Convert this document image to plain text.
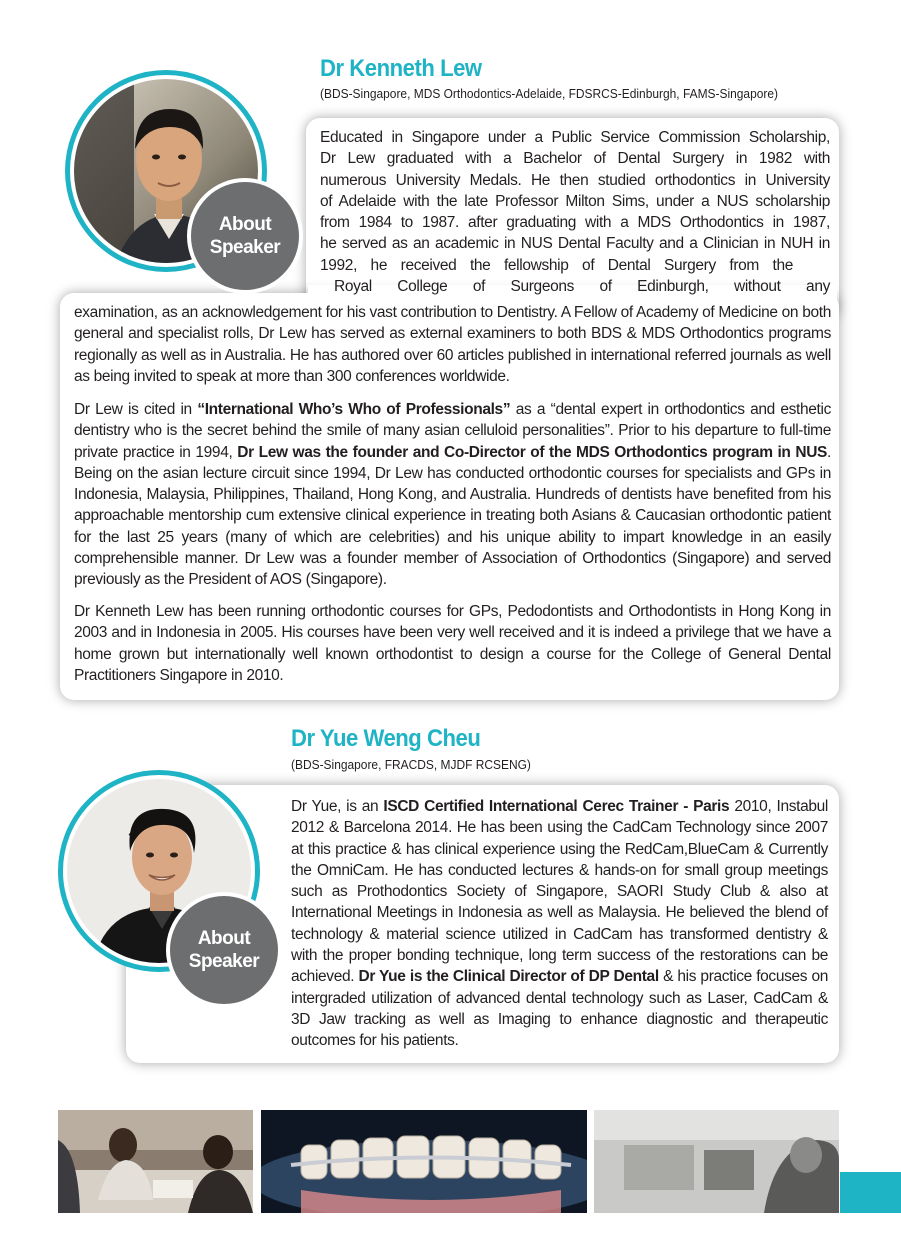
Dr Kenneth Lew

(BDS-Singapore, MDS Orthodontics-Adelaide, FDSRCS-Edinburgh, FAMS-Singapore)

About
Speaker
Educated in Singapore under a Public Service Commission Scholarship,
Dr Lew graduated with a Bachelor of Dental Surgery in 1982 with
numerous University Medals. He then studied orthodontics in University
of Adelaide with the late Professor Milton Sims, under a NUS scholarship
from 1984 to 1987. after graduating with a MDS Orthodontics in 1987,
he served as an academic in NUS Dental Faculty and a Clinician in NUH in
1992, he received the fellowship of Dental Surgery from the
Royal College of Surgeons of Edinburgh, without any

examination, as an acknowledgement for his vast contribution to Dentistry. A Fellow of Academy of Medicine on both general and specialist rolls, Dr Lew has served as external examiners to both BDS & MDS Orthodontics programs regionally as well as in Australia. He has authored over 60 articles published in international referred journals as well as being invited to speak at more than 300 conferences worldwide.

Dr Lew is cited in “International Who’s Who of Professionals” as a “dental expert in orthodontics and esthetic dentistry who is the secret behind the smile of many asian celluloid personalities”. Prior to his departure to full-time private practice in 1994, Dr Lew was the founder and Co-Director of the MDS Orthodontics program in NUS. Being on the asian lecture circuit since 1994, Dr Lew has conducted orthodontic courses for specialists and GPs in Indonesia, Malaysia, Philippines, Thailand, Hong Kong, and Australia. Hundreds of dentists have benefited from his approachable mentorship cum extensive clinical experience in treating both Asians & Caucasian orthodontic patient for the last 25 years (many of which are celebrities) and his unique ability to impart knowledge in an easily comprehensible manner. Dr Lew was a founder member of Association of Orthodontics (Singapore) and served previously as the President of AOS (Singapore).

Dr Kenneth Lew has been running orthodontic courses for GPs, Pedodontists and Orthodontists in Hong Kong in 2003 and in Indonesia in 2005. His courses have been very well received and it is indeed a privilege that we have a home grown but internationally well known orthodontist to design a course for the College of General Dental Practitioners Singapore in 2010.

Dr Yue Weng Cheu

(BDS-Singapore, FRACDS, MJDF RCSENG)

About
Speaker

Dr Yue, is an ISCD Certified International Cerec Trainer - Paris 2010, Instabul 2012 & Barcelona 2014. He has been using the CadCam Technology since 2007 at this practice & has clinical experience using the RedCam,BlueCam & Currently the OmniCam. He has conducted lectures & hands-on for small group meetings such as Prothodontics Society of Singapore, SAORI Study Club & also at International Meetings in Indonesia as well as Malaysia. He believed the blend of technology & material science utilized in CadCam has transformed dentistry & with the proper bonding technique, long term success of the restorations can be achieved. Dr Yue is the Clinical Director of DP Dental & his practice focuses on intergraded utilization of advanced dental technology such as Laser, CadCam & 3D Jaw tracking as well as Imaging to enhance diagnostic and therapeutic outcomes for his patients.
